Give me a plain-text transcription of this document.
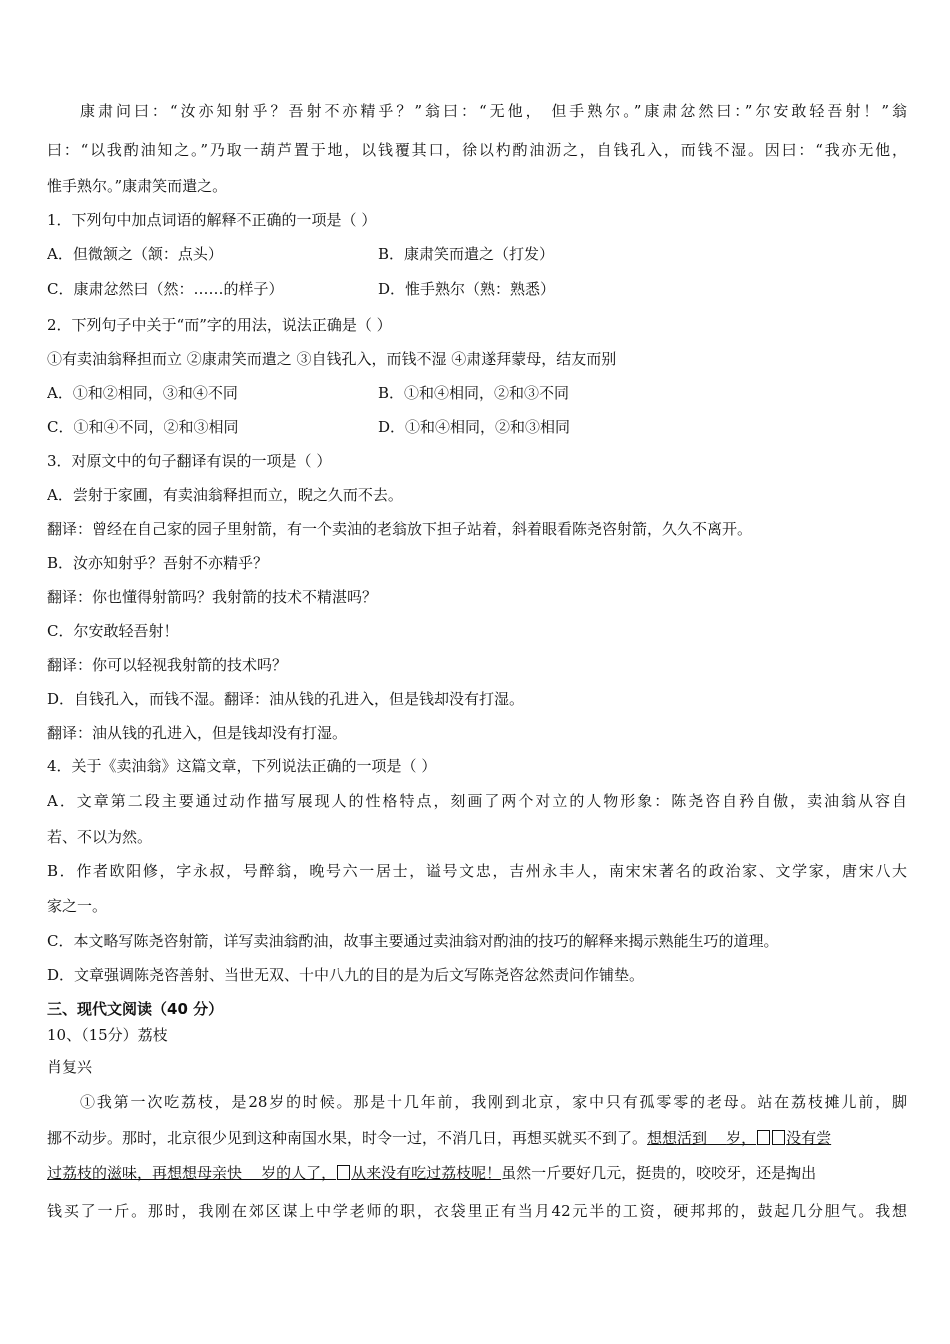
康肃问曰：“汝亦知射乎？吾射不亦精乎？”翁曰：“无他， 但手熟尔。”康肃忿然曰：”尔安敢轻吾射！”翁
曰：“以我酌油知之。”乃取一葫芦置于地，以钱覆其口，徐以杓酌油沥之，自钱孔入，而钱不湿。因曰：“我亦无他，
惟手熟尔。”康肃笑而遣之。
1．下列句中加点词语的解释不正确的一项是（ ）
A．但微颔之（颔：点头）	B．康肃笑而遣之（打发）
C．康肃忿然曰（然：……的样子）	D．惟手熟尔（熟：熟悉）
2．下列句子中关于“而”字的用法，说法正确是（ ）
①有卖油翁释担而立 ②康肃笑而遣之 ③自钱孔入，而钱不湿 ④肃遂拜蒙母，结友而别
A．①和②相同，③和④不同	B．①和④相同，②和③不同
C．①和④不同，②和③相同	D．①和④相同，②和③相同
3．对原文中的句子翻译有误的一项是（ ）
A．尝射于家圃，有卖油翁释担而立，睨之久而不去。
翻译：曾经在自己家的园子里射箭，有一个卖油的老翁放下担子站着，斜着眼看陈尧咨射箭，久久不离开。
B．汝亦知射乎？吾射不亦精乎？
翻译：你也懂得射箭吗？我射箭的技术不精湛吗？
C．尔安敢轻吾射！
翻译：你可以轻视我射箭的技术吗？
D．自钱孔入，而钱不湿。翻译：油从钱的孔进入，但是钱却没有打湿。
翻译：油从钱的孔进入，但是钱却没有打湿。
4．关于《卖油翁》这篇文章，下列说法正确的一项是（ ）
A．文章第二段主要通过动作描写展现人的性格特点，刻画了两个对立的人物形象：陈尧咨自矜自傲，卖油翁从容自
若、不以为然。
B．作者欧阳修，字永叔，号醉翁，晚号六一居士，谥号文忠，吉州永丰人，南宋宋著名的政治家、文学家，唐宋八大
家之一。
C．本文略写陈尧咨射箭，详写卖油翁酌油，故事主要通过卖油翁对酌油的技巧的解释来揭示熟能生巧的道理。
D．文章强调陈尧咨善射、当世无双、十中八九的目的是为后文写陈尧咨忿然责问作铺垫。
三、现代文阅读（40 分）
10、（15分）荔枝
肖复兴
①我第一次吃荔枝，是28岁的时候。那是十几年前，我刚到北京，家中只有孤零零的老母。站在荔枝摊儿前，脚
挪不动步。那时，北京很少见到这种南国水果，时令一过，不消几日，再想买就买不到了。想想活到 岁， 没有尝
过荔枝的滋味，再想想母亲快 岁的人了， 从来没有吃过荔枝呢！虽然一斤要好几元，挺贵的，咬咬牙，还是掏出
钱买了一斤。那时，我刚在郊区谋上中学老师的职，衣袋里正有当月42元半的工资，硬邦邦的，鼓起几分胆气。我想
